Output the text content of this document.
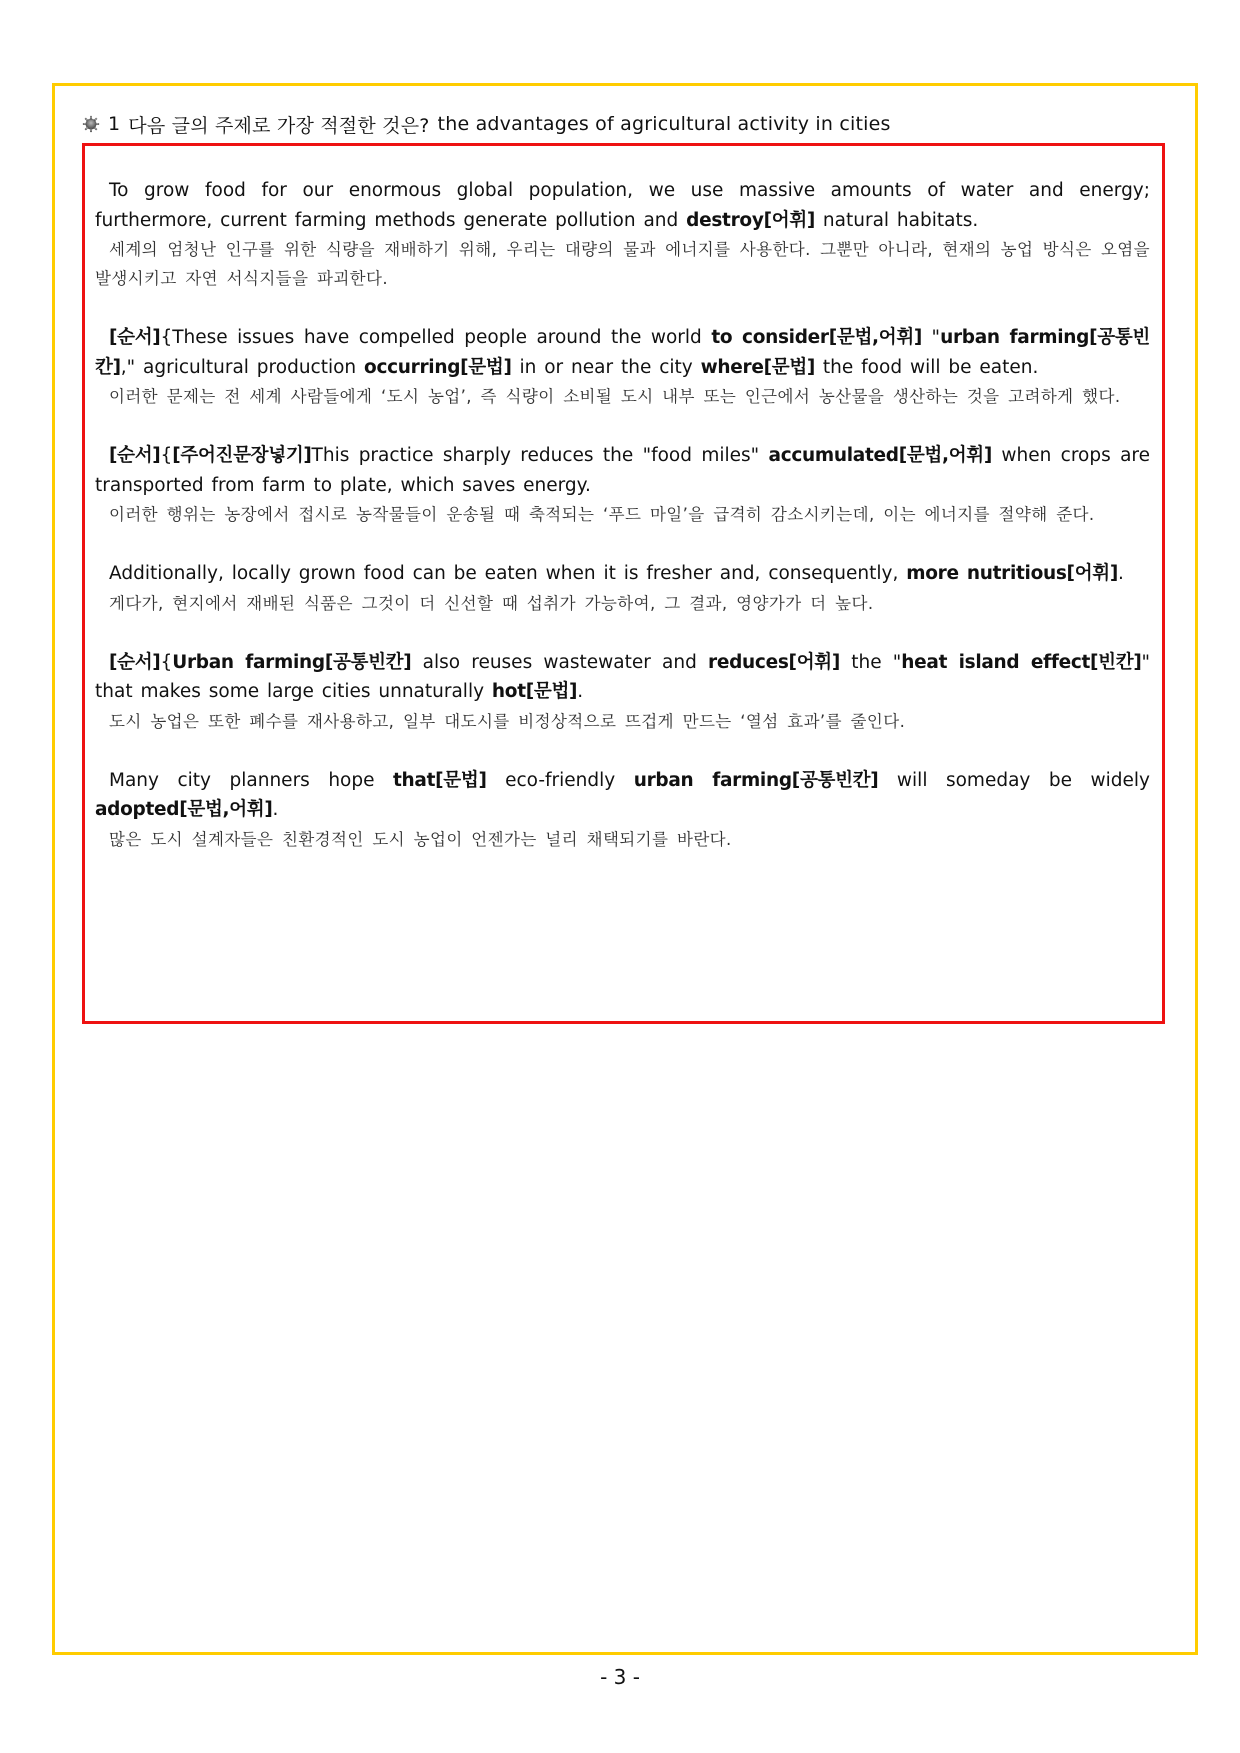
1 다음 글의 주제로 가장 적절한 것은? the advantages of agricultural activity in cities
To grow food for our enormous global population, we use massive amounts of water and energy; furthermore, current farming methods generate pollution and destroy[어휘] natural habitats.
세계의 엄청난 인구를 위한 식량을 재배하기 위해, 우리는 대량의 물과 에너지를 사용한다. 그뿐만 아니라, 현재의 농업 방식은 오염을 발생시키고 자연 서식지들을 파괴한다.
[순서]{These issues have compelled people around the world to consider[문법,어휘] "urban farming[공통빈칸]," agricultural production occurring[문법] in or near the city where[문법] the food will be eaten.
이러한 문제는 전 세계 사람들에게 ‘도시 농업’, 즉 식량이 소비될 도시 내부 또는 인근에서 농산물을 생산하는 것을 고려하게 했다.
[순서]{[주어진문장넣기]This practice sharply reduces the "food miles" accumulated[문법,어휘] when crops are transported from farm to plate, which saves energy.
이러한 행위는 농장에서 접시로 농작물들이 운송될 때 축적되는 ‘푸드 마일’을 급격히 감소시키는데, 이는 에너지를 절약해 준다.
Additionally, locally grown food can be eaten when it is fresher and, consequently, more nutritious[어휘].
게다가, 현지에서 재배된 식품은 그것이 더 신선할 때 섭취가 가능하여, 그 결과, 영양가가 더 높다.
[순서]{Urban farming[공통빈칸] also reuses wastewater and reduces[어휘] the "heat island effect[빈칸]" that makes some large cities unnaturally hot[문법].
도시 농업은 또한 폐수를 재사용하고, 일부 대도시를 비정상적으로 뜨겁게 만드는 ‘열섬 효과’를 줄인다.
Many city planners hope that[문법] eco-friendly urban farming[공통빈칸] will someday be widely adopted[문법,어휘].
많은 도시 설계자들은 친환경적인 도시 농업이 언젠가는 널리 채택되기를 바란다.
- 3 -
